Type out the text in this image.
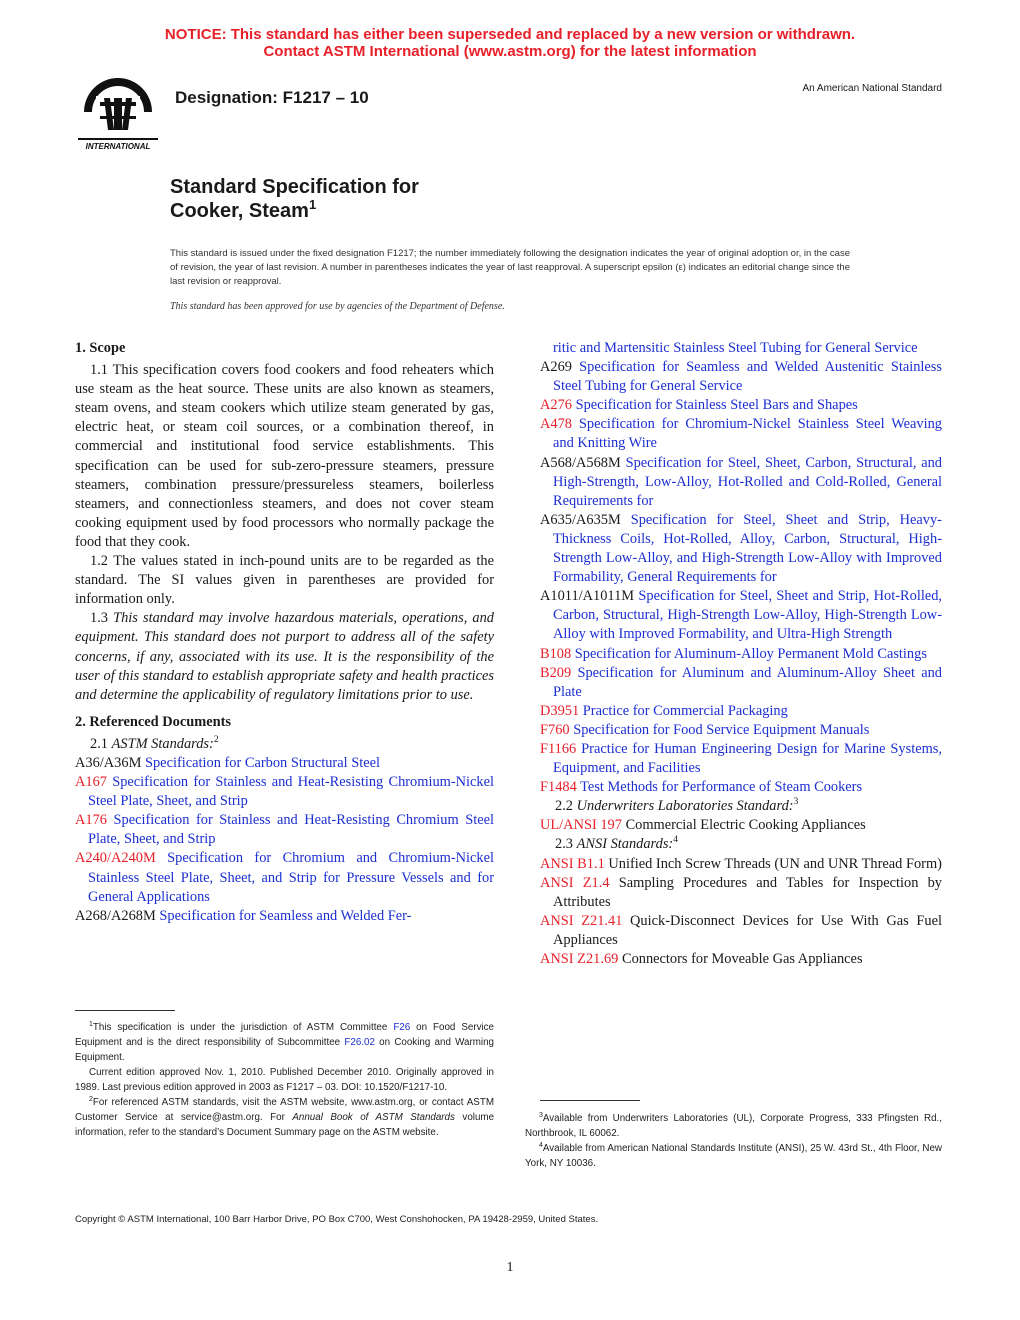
NOTICE: This standard has either been superseded and replaced by a new version or withdrawn.
Contact ASTM International (www.astm.org) for the latest information
INTERNATIONAL
Designation: F1217 – 10	An American National Standard
Standard Specification for
Cooker, Steam$^1$
This standard is issued under the fixed designation F1217; the number immediately following the designation indicates the year of original adoption or, in the case of revision, the year of last revision. A number in parentheses indicates the year of last reapproval. A superscript epsilon (ε) indicates an editorial change since the last revision or reapproval.
This standard has been approved for use by agencies of the Department of Defense.
1. Scope

1.1 This specification covers food cookers and food reheaters which use steam as the heat source. These units are also known as steamers, steam ovens, and steam cookers which utilize steam generated by gas, electric heat, or steam coil sources, or a combination thereof, in commercial and institutional food service establishments. This specification can be used for sub-zero-pressure steamers, pressure steamers, combination pressure/pressureless steamers, boilerless steamers, and connectionless steamers, and does not cover steam cooking equipment used by food processors who normally package the food that they cook.

1.2 The values stated in inch-pound units are to be regarded as the standard. The SI values given in parentheses are provided for information only.

1.3 This standard may involve hazardous materials, operations, and equipment. This standard does not purport to address all of the safety concerns, if any, associated with its use. It is the responsibility of the user of this standard to establish appropriate safety and health practices and determine the applicability of regulatory limitations prior to use.

2. Referenced Documents

2.1 ASTM Standards:$^2$

A36/A36M Specification for Carbon Structural Steel

A167 Specification for Stainless and Heat-Resisting Chromium-Nickel Steel Plate, Sheet, and Strip

A176 Specification for Stainless and Heat-Resisting Chromium Steel Plate, Sheet, and Strip

A240/A240M Specification for Chromium and Chromium-Nickel Stainless Steel Plate, Sheet, and Strip for Pressure Vessels and for General Applications

A268/A268M Specification for Seamless and Welded Fer-

ritic and Martensitic Stainless Steel Tubing for General Service

A269 Specification for Seamless and Welded Austenitic Stainless Steel Tubing for General Service

A276 Specification for Stainless Steel Bars and Shapes

A478 Specification for Chromium-Nickel Stainless Steel Weaving and Knitting Wire

A568/A568M Specification for Steel, Sheet, Carbon, Structural, and High-Strength, Low-Alloy, Hot-Rolled and Cold-Rolled, General Requirements for

A635/A635M Specification for Steel, Sheet and Strip, Heavy-Thickness Coils, Hot-Rolled, Alloy, Carbon, Structural, High-Strength Low-Alloy, and High-Strength Low-Alloy with Improved Formability, General Requirements for

A1011/A1011M Specification for Steel, Sheet and Strip, Hot-Rolled, Carbon, Structural, High-Strength Low-Alloy, High-Strength Low-Alloy with Improved Formability, and Ultra-High Strength

B108 Specification for Aluminum-Alloy Permanent Mold Castings

B209 Specification for Aluminum and Aluminum-Alloy Sheet and Plate

D3951 Practice for Commercial Packaging

F760 Specification for Food Service Equipment Manuals

F1166 Practice for Human Engineering Design for Marine Systems, Equipment, and Facilities

F1484 Test Methods for Performance of Steam Cookers

2.2 Underwriters Laboratories Standard:$^3$

UL/ANSI 197 Commercial Electric Cooking Appliances

2.3 ANSI Standards:$^4$

ANSI B1.1 Unified Inch Screw Threads (UN and UNR Thread Form)

ANSI Z1.4 Sampling Procedures and Tables for Inspection by Attributes

ANSI Z21.41 Quick-Disconnect Devices for Use With Gas Fuel Appliances

ANSI Z21.69 Connectors for Moveable Gas Appliances

$^1$This specification is under the jurisdiction of ASTM Committee F26 on Food Service Equipment and is the direct responsibility of Subcommittee F26.02 on Cooking and Warming Equipment.

Current edition approved Nov. 1, 2010. Published December 2010. Originally approved in 1989. Last previous edition approved in 2003 as F1217 – 03. DOI: 10.1520/F1217-10.

$^2$For referenced ASTM standards, visit the ASTM website, www.astm.org, or contact ASTM Customer Service at service@astm.org. For Annual Book of ASTM Standards volume information, refer to the standard’s Document Summary page on the ASTM website.

$^3$Available from Underwriters Laboratories (UL), Corporate Progress, 333 Pfingsten Rd., Northbrook, IL 60062.

$^4$Available from American National Standards Institute (ANSI), 25 W. 43rd St., 4th Floor, New York, NY 10036.

Copyright © ASTM International, 100 Barr Harbor Drive, PO Box C700, West Conshohocken, PA 19428-2959, United States.
1
